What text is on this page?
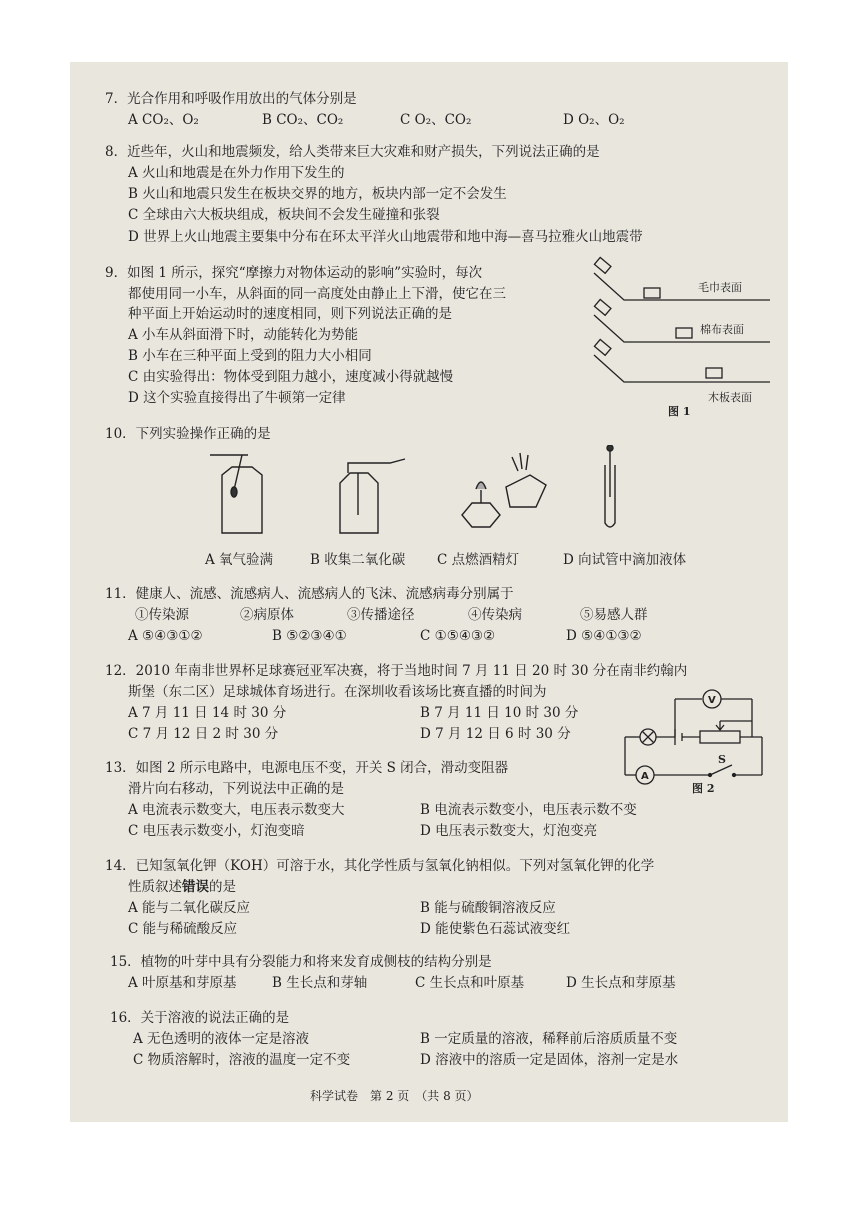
7．光合作用和呼吸作用放出的气体分别是
A CO₂、O₂	B CO₂、CO₂	C O₂、CO₂	D O₂、O₂
8．近些年，火山和地震频发，给人类带来巨大灾难和财产损失，下列说法正确的是
A 火山和地震是在外力作用下发生的
B 火山和地震只发生在板块交界的地方，板块内部一定不会发生
C 全球由六大板块组成，板块间不会发生碰撞和张裂
D 世界上火山地震主要集中分布在环太平洋火山地震带和地中海—喜马拉雅火山地震带
9．如图 1 所示，探究“摩擦力对物体运动的影响”实验时，每次
都使用同一小车，从斜面的同一高度处由静止上下滑，使它在三
种平面上开始运动时的速度相同，则下列说法正确的是
A 小车从斜面滑下时，动能转化为势能
B 小车在三种平面上受到的阻力大小相同
C 由实验得出：物体受到阻力越小，速度减小得就越慢
D 这个实验直接得出了牛顿第一定律
毛巾表面
棉布表面
木板表面
图 1
10．下列实验操作正确的是
A 氧气验满	B 收集二氧化碳 C 点燃酒精灯	D 向试管中滴加液体
11．健康人、流感、流感病人、流感病人的飞沫、流感病毒分别属于
①传染源	②病原体	③传播途径	④传染病	⑤易感人群
A ⑤④③①②	B ⑤②③④①	C ①⑤④③②	D ⑤④①③②
12．2010 年南非世界杯足球赛冠亚军决赛，将于当地时间 7 月 11 日 20 时 30 分在南非约翰内
斯堡（东二区）足球城体育场进行。在深圳收看该场比赛直播的时间为
A 7 月 11 日 14 时 30 分	B 7 月 11 日 10 时 30 分
C 7 月 12 日 2 时 30 分	D 7 月 12 日 6 时 30 分
V
A
S
图 2
13．如图 2 所示电路中，电源电压不变，开关 S 闭合，滑动变阻器
滑片向右移动，下列说法中正确的是
A 电流表示数变大，电压表示数变大	B 电流表示数变小，电压表示数不变
C 电压表示数变小，灯泡变暗	D 电压表示数变大，灯泡变亮
14．已知氢氧化钾（KOH）可溶于水，其化学性质与氢氧化钠相似。下列对氢氧化钾的化学
性质叙述错误的是
A 能与二氧化碳反应	B 能与硫酸铜溶液反应
C 能与稀硫酸反应	D 能使紫色石蕊试液变红
15．植物的叶芽中具有分裂能力和将来发育成侧枝的结构分别是
A 叶原基和芽原基	B 生长点和芽轴	C 生长点和叶原基	D 生长点和芽原基
16．关于溶液的说法正确的是
A 无色透明的液体一定是溶液	B 一定质量的溶液，稀释前后溶质质量不变
C 物质溶解时，溶液的温度一定不变	D 溶液中的溶质一定是固体，溶剂一定是水
科学试卷　第 2 页　（共 8 页）
